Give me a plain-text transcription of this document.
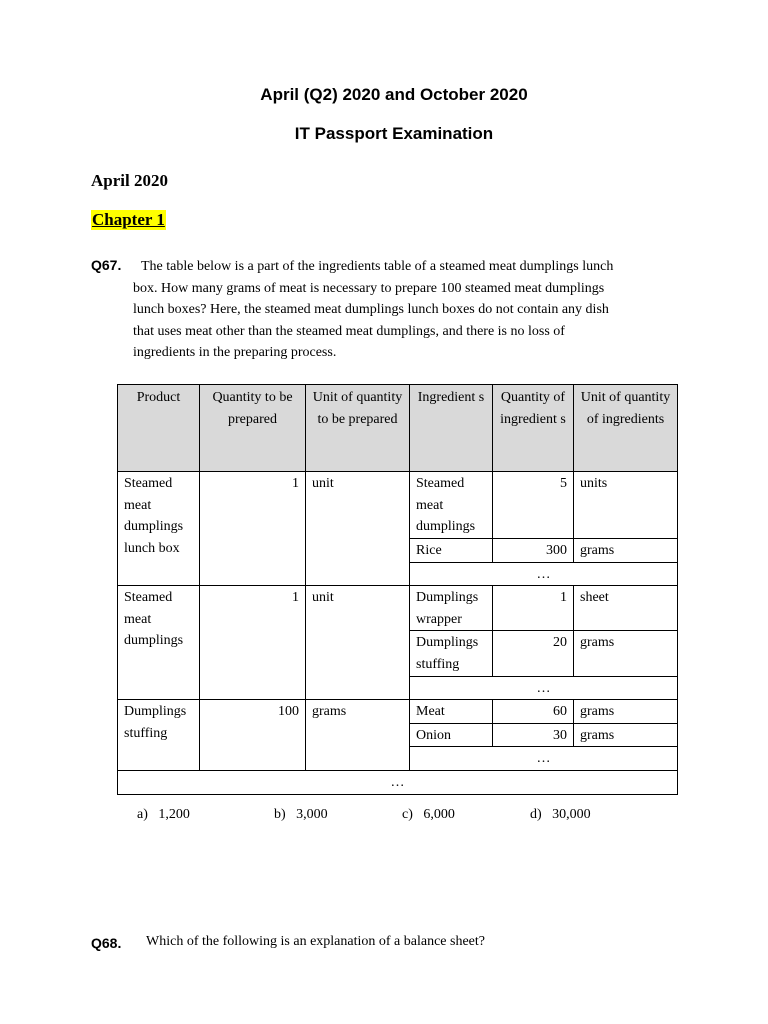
April (Q2) 2020 and October 2020
IT Passport Examination
April 2020
Chapter 1
Q67.	The table below is a part of the ingredients table of a steamed meat dumplings lunch
box. How many grams of meat is necessary to prepare 100 steamed meat dumplings
lunch boxes? Here, the steamed meat dumplings lunch boxes do not contain any dish
that uses meat other than the steamed meat dumplings, and there is no loss of
ingredients in the preparing process.

Product	Quantity to be prepared	Unit of quantity to be prepared	Ingredient s	Quantity of ingredient s	Unit of quantity of ingredients
Steamed meat dumplings lunch box	1	unit	Steamed meat dumplings	5	units
			Rice	300	grams
			…		
Steamed meat dumplings	1	unit	Dumplings wrapper	1	sheet
			Dumplings stuffing	20	grams
			…		
Dumplings stuffing	100	grams	Meat	60	grams
			Onion	30	grams
			…		
…					
a) 1,200	b) 3,000	c) 6,000	d) 30,000
Q68. Which of the following is an explanation of a balance sheet?
